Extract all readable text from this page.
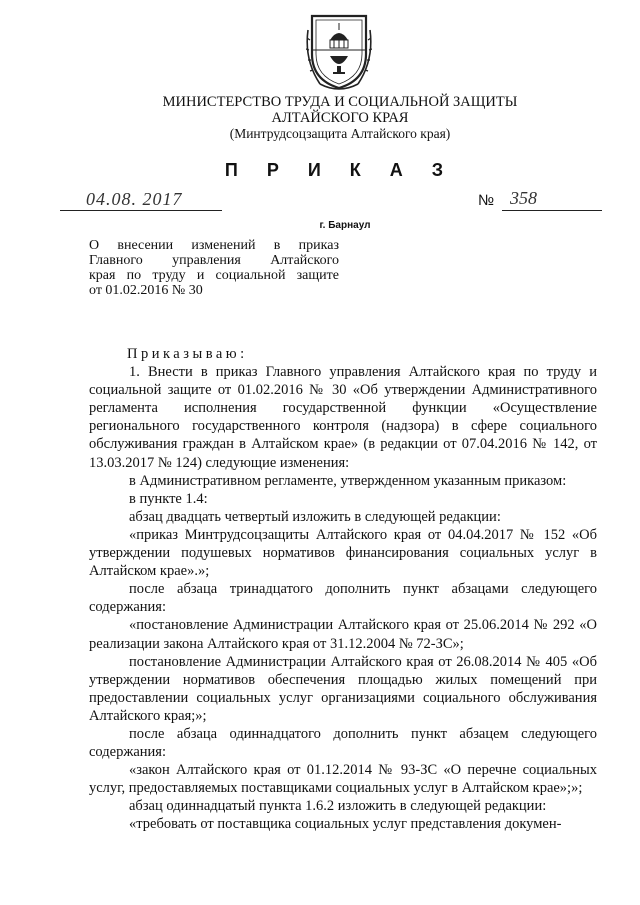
МИНИСТЕРСТВО ТРУДА И СОЦИАЛЬНОЙ ЗАЩИТЫ
АЛТАЙСКОГО КРАЯ
(Минтрудсоцзащита Алтайского края)
П Р И К А З
04.08. 2017	№ 358
г. Барнаул
О внесении изменений в приказ
Главного управления Алтайского
края по труду и социальной защите
от 01.02.2016 № 30

Приказываю:

1. Внести в приказ Главного управления Алтайского края по труду и социальной защите от 01.02.2016 № 30 «Об утверждении Административного регламента исполнения государственной функции «Осуществление регионального государственного контроля (надзора) в сфере социального обслуживания граждан в Алтайском крае» (в редакции от 07.04.2016 № 142, от 13.03.2017 № 124) следующие изменения:

в Административном регламенте, утвержденном указанным приказом:

в пункте 1.4:

абзац двадцать четвертый изложить в следующей редакции:

«приказ Минтрудсоцзащиты Алтайского края от 04.04.2017 № 152 «Об утверждении подушевых нормативов финансирования социальных услуг в Алтайском крае».»;

после абзаца тринадцатого дополнить пункт абзацами следующего содержания:

«постановление Администрации Алтайского края от 25.06.2014 № 292 «О реализации закона Алтайского края от 31.12.2004 № 72-ЗС»;

постановление Администрации Алтайского края от 26.08.2014 № 405 «Об утверждении нормативов обеспечения площадью жилых помещений при предоставлении социальных услуг организациями социального обслуживания Алтайского края;»;

после абзаца одиннадцатого дополнить пункт абзацем следующего содержания:

«закон Алтайского края от 01.12.2014 № 93-ЗС «О перечне социальных услуг, предоставляемых поставщиками социальных услуг в Алтайском крае»;»;

абзац одиннадцатый пункта 1.6.2 изложить в следующей редакции:

«требовать от поставщика социальных услуг представления докумен-
